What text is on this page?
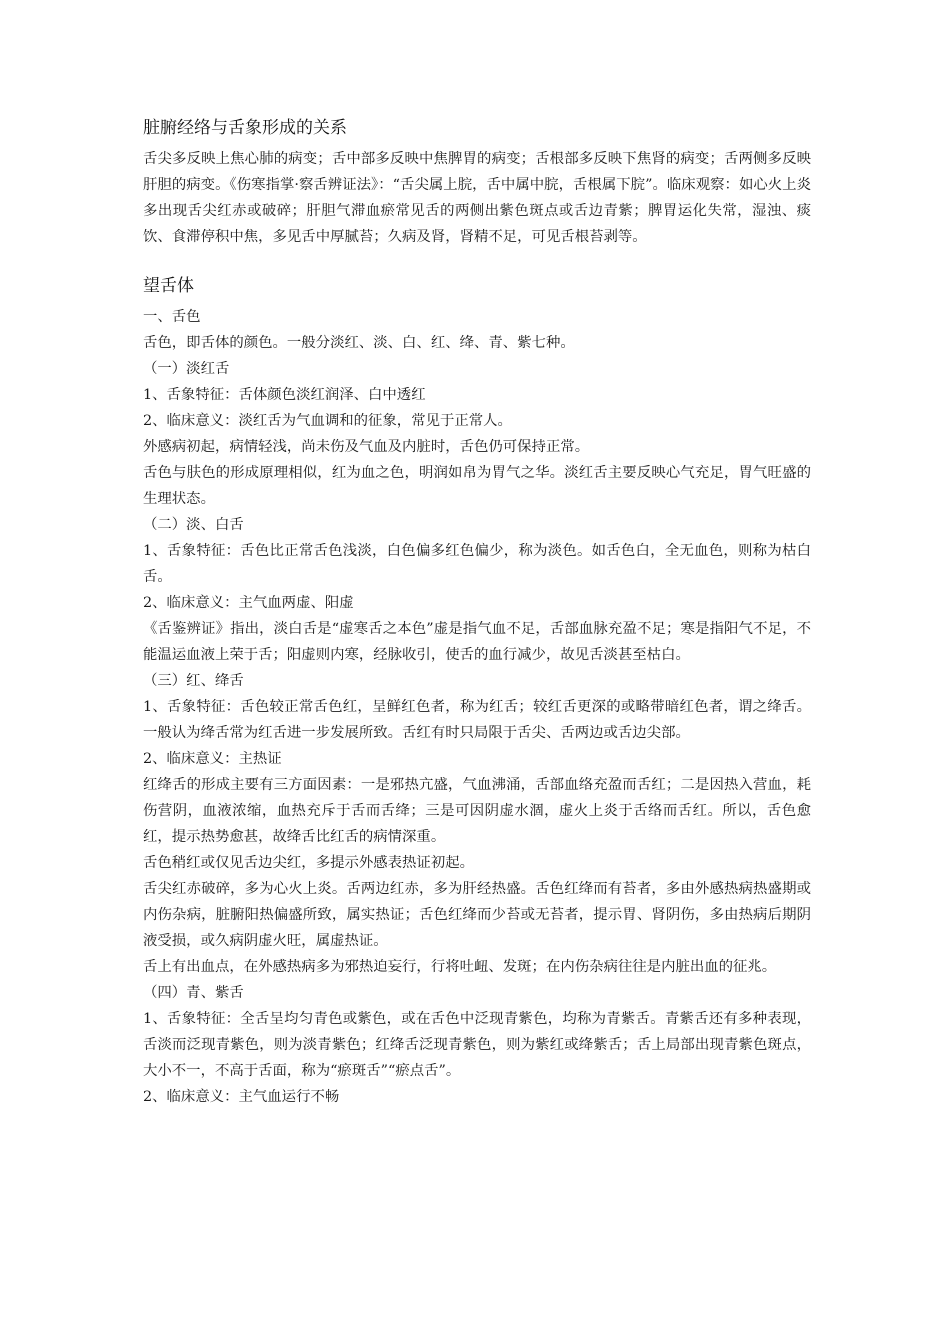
脏腑经络与舌象形成的关系

舌尖多反映上焦心肺的病变；舌中部多反映中焦脾胃的病变；舌根部多反映下焦肾的病变；舌两侧多反映肝胆的病变。《伤寒指掌·察舌辨证法》：“舌尖属上脘，舌中属中脘，舌根属下脘”。临床观察：如心火上炎多出现舌尖红赤或破碎；肝胆气滞血瘀常见舌的两侧出紫色斑点或舌边青紫；脾胃运化失常，湿浊、痰饮、食滞停积中焦，多见舌中厚腻苔；久病及肾，肾精不足，可见舌根苔剥等。

望舌体

一、舌色

舌色，即舌体的颜色。一般分淡红、淡、白、红、绛、青、紫七种。

（一）淡红舌

1、舌象特征：舌体颜色淡红润泽、白中透红

2、临床意义：淡红舌为气血调和的征象，常见于正常人。

外感病初起，病情轻浅，尚未伤及气血及内脏时，舌色仍可保持正常。

舌色与肤色的形成原理相似，红为血之色，明润如帛为胃气之华。淡红舌主要反映心气充足，胃气旺盛的生理状态。

（二）淡、白舌

1、舌象特征：舌色比正常舌色浅淡，白色偏多红色偏少，称为淡色。如舌色白，全无血色，则称为枯白舌。

2、临床意义：主气血两虚、阳虚

《舌鉴辨证》指出，淡白舌是“虚寒舌之本色”虚是指气血不足，舌部血脉充盈不足；寒是指阳气不足，不能温运血液上荣于舌；阳虚则内寒，经脉收引，使舌的血行减少，故见舌淡甚至枯白。

（三）红、绛舌

1、舌象特征：舌色较正常舌色红，呈鲜红色者，称为红舌；较红舌更深的或略带暗红色者，谓之绛舌。一般认为绛舌常为红舌进一步发展所致。舌红有时只局限于舌尖、舌两边或舌边尖部。

2、临床意义：主热证

红绛舌的形成主要有三方面因素：一是邪热亢盛，气血沸涌，舌部血络充盈而舌红；二是因热入营血，耗伤营阴，血液浓缩，血热充斥于舌而舌绛；三是可因阴虚水涸，虚火上炎于舌络而舌红。所以，舌色愈红，提示热势愈甚，故绛舌比红舌的病情深重。

舌色稍红或仅见舌边尖红，多提示外感表热证初起。

舌尖红赤破碎，多为心火上炎。舌两边红赤，多为肝经热盛。舌色红绛而有苔者，多由外感热病热盛期或内伤杂病，脏腑阳热偏盛所致，属实热证；舌色红绛而少苔或无苔者，提示胃、肾阴伤，多由热病后期阴液受损，或久病阴虚火旺，属虚热证。

舌上有出血点，在外感热病多为邪热迫妄行，行将吐衄、发斑；在内伤杂病往往是内脏出血的征兆。

（四）青、紫舌

1、舌象特征：全舌呈均匀青色或紫色，或在舌色中泛现青紫色，均称为青紫舌。青紫舌还有多种表现，舌淡而泛现青紫色，则为淡青紫色；红绛舌泛现青紫色，则为紫红或绛紫舌；舌上局部出现青紫色斑点，大小不一，不高于舌面，称为“瘀斑舌”“瘀点舌”。

2、临床意义：主气血运行不畅
